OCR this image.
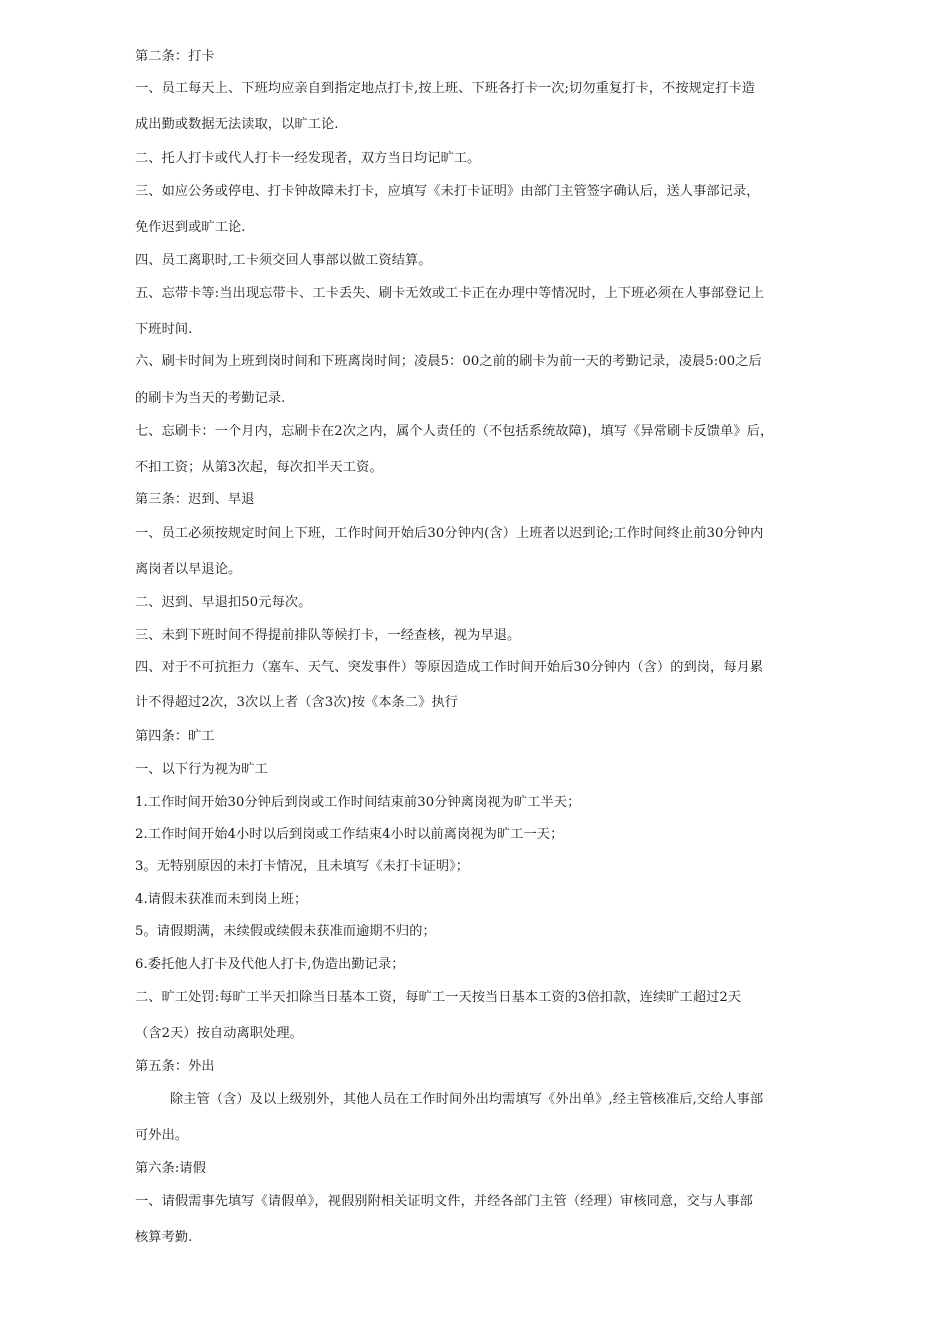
第二条：打卡
一、员工每天上、下班均应亲自到指定地点打卡,按上班、下班各打卡一次;切勿重复打卡，不按规定打卡造
成出勤或数据无法读取，以旷工论.
二、托人打卡或代人打卡一经发现者，双方当日均记旷工。
三、如应公务或停电、打卡钟故障未打卡，应填写《未打卡证明》由部门主管签字确认后，送人事部记录，
免作迟到或旷工论.
四、员工离职时,工卡须交回人事部以做工资结算。
五、忘带卡等:当出现忘带卡、工卡丢失、刷卡无效或工卡正在办理中等情况时，上下班必须在人事部登记上
下班时间.
六、刷卡时间为上班到岗时间和下班离岗时间；凌晨5：00之前的刷卡为前一天的考勤记录，凌晨5:00之后
的刷卡为当天的考勤记录.
七、忘刷卡：一个月内，忘刷卡在2次之内，属个人责任的（不包括系统故障)，填写《异常刷卡反馈单》后，
不扣工资；从第3次起，每次扣半天工资。
第三条：迟到、早退
一、员工必须按规定时间上下班，工作时间开始后30分钟内(含）上班者以迟到论;工作时间终止前30分钟内
离岗者以早退论。
二、迟到、早退扣50元每次。
三、未到下班时间不得提前排队等候打卡，一经查核，视为早退。
四、对于不可抗拒力（塞车、天气、突发事件）等原因造成工作时间开始后30分钟内（含）的到岗，每月累
计不得超过2次，3次以上者（含3次)按《本条二》执行
第四条：旷工
一、以下行为视为旷工
1.工作时间开始30分钟后到岗或工作时间结束前30分钟离岗视为旷工半天；
2.工作时间开始4小时以后到岗或工作结束4小时以前离岗视为旷工一天；
3。无特别原因的未打卡情况，且未填写《未打卡证明》；
4.请假未获准而未到岗上班；
5。请假期满，未续假或续假未获准而逾期不归的；
6.委托他人打卡及代他人打卡,伪造出勤记录；
二、旷工处罚:每旷工半天扣除当日基本工资，每旷工一天按当日基本工资的3倍扣款，连续旷工超过2天
（含2天）按自动离职处理。
第五条：外出
除主管（含）及以上级别外，其他人员在工作时间外出均需填写《外出单》,经主管核准后,交给人事部
可外出。
第六条:请假
一、请假需事先填写《请假单》，视假别附相关证明文件，并经各部门主管（经理）审核同意，交与人事部
核算考勤.
